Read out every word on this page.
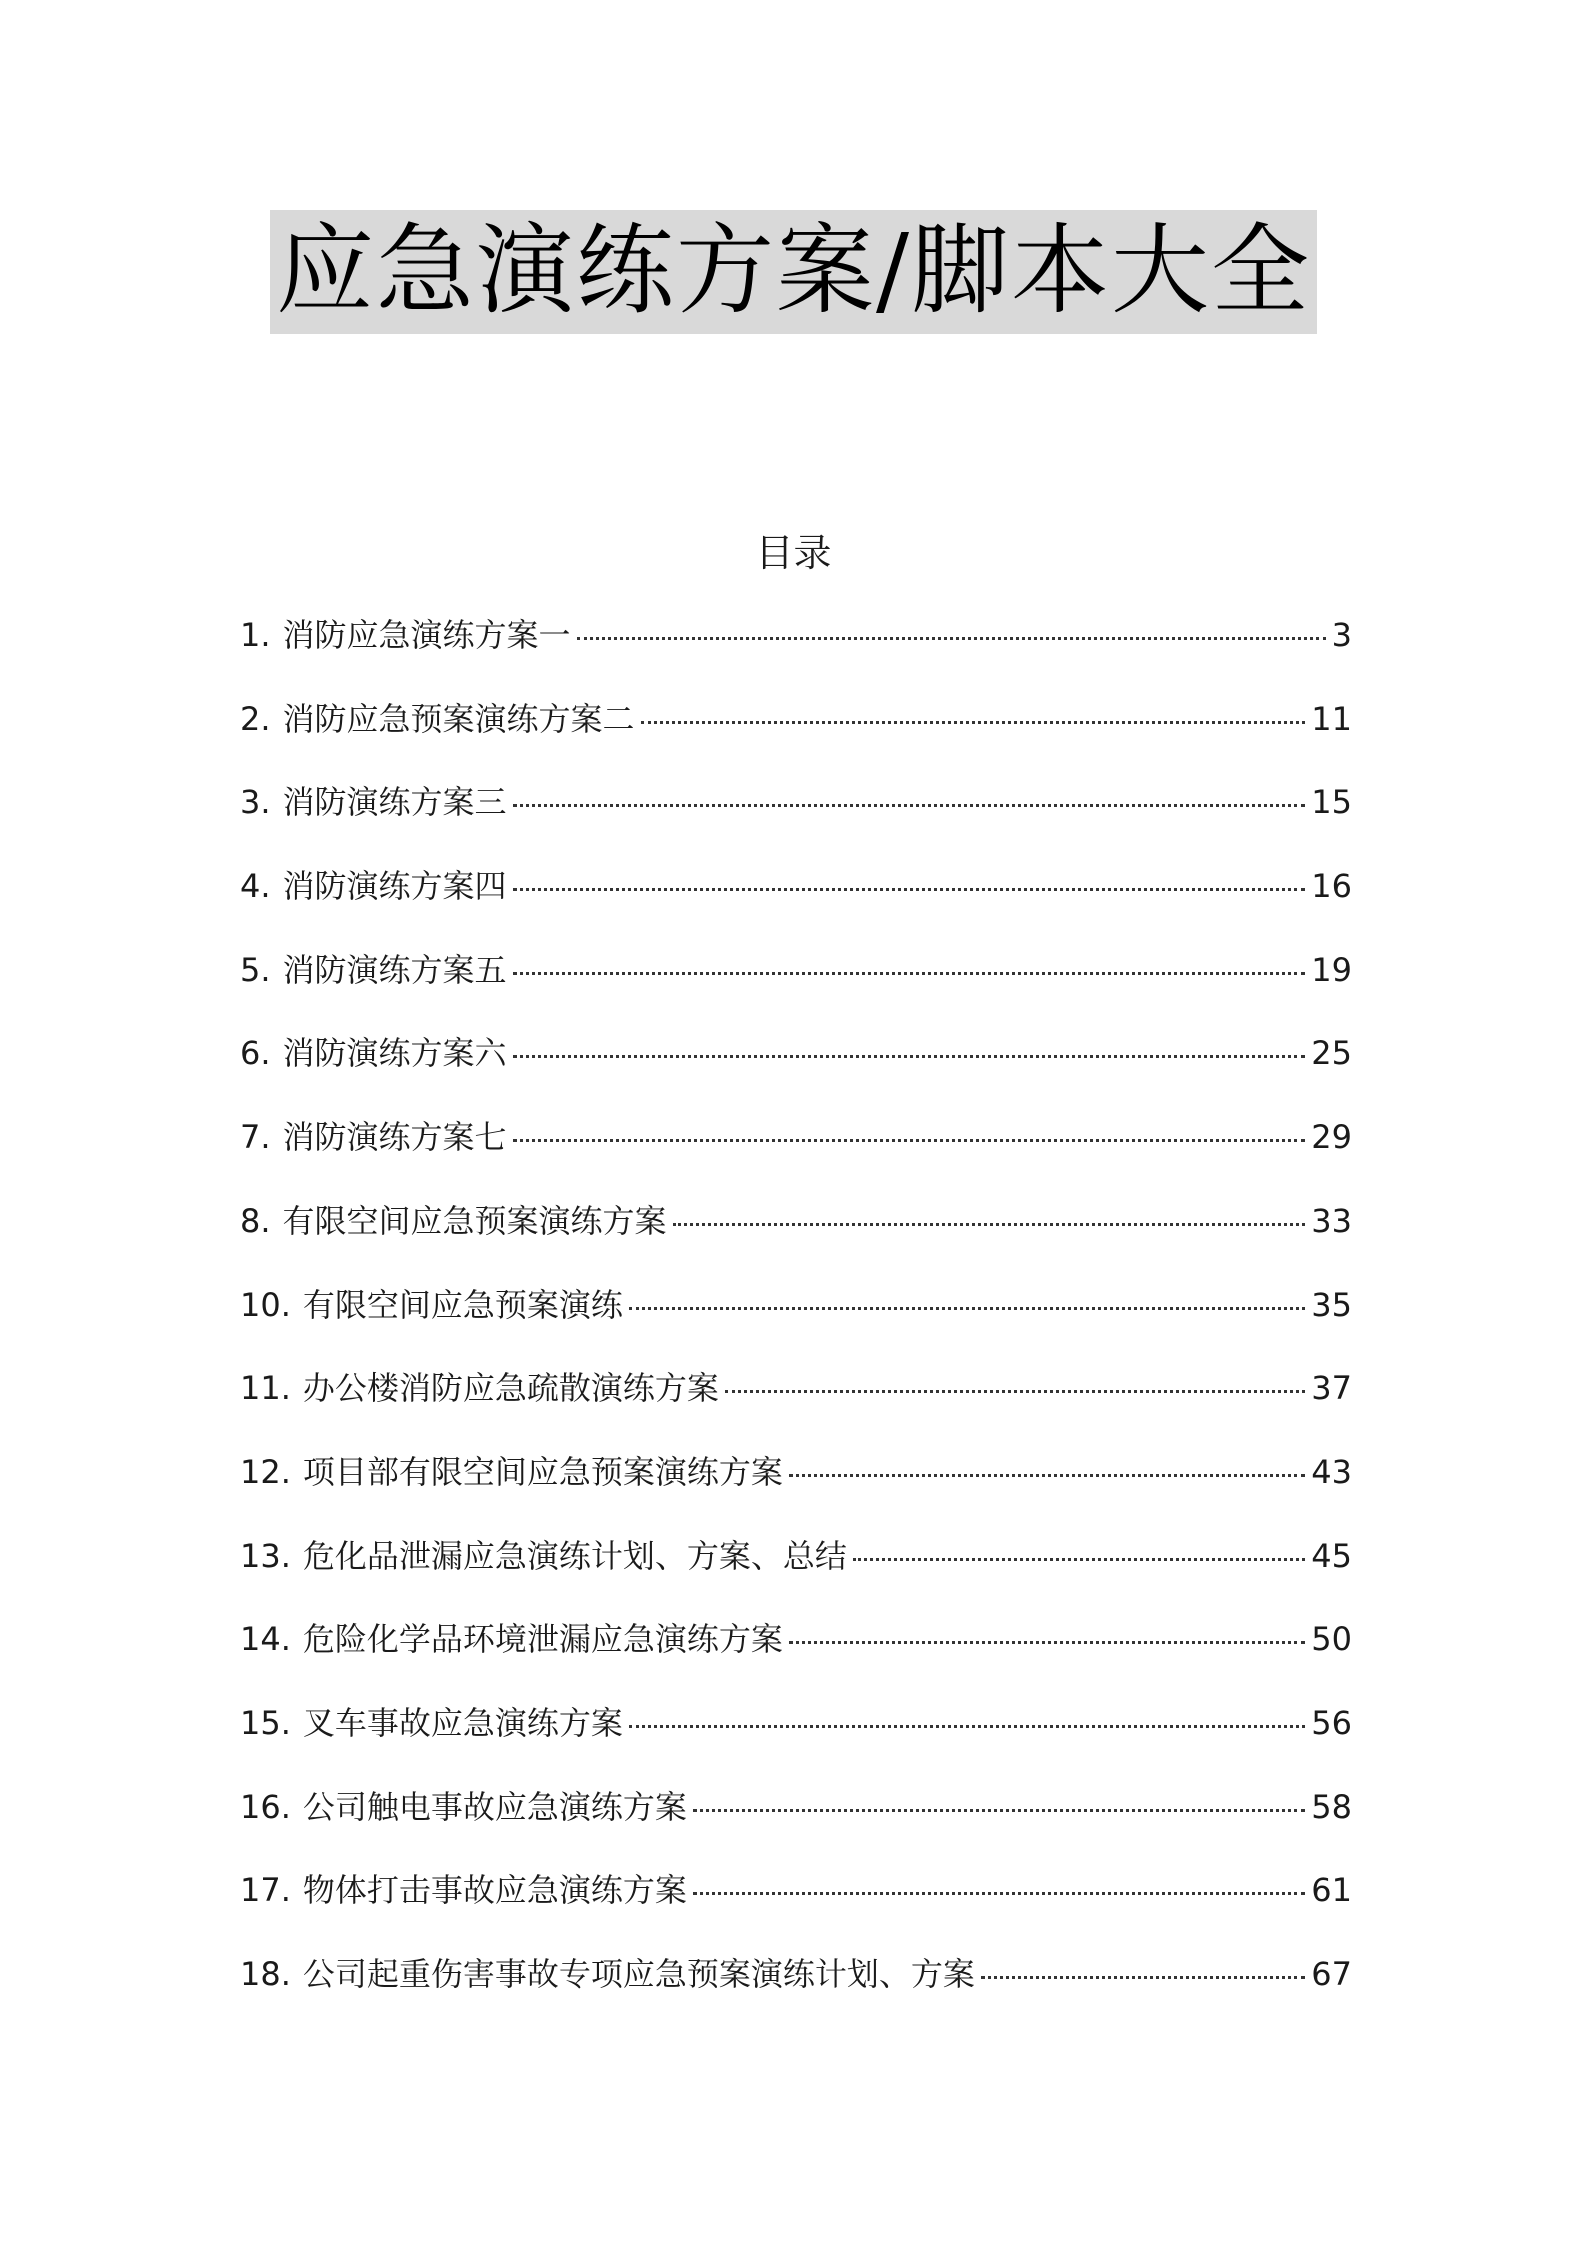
应急演练方案/脚本大全
目录
1. 消防应急演练方案一	3
2. 消防应急预案演练方案二	11
3. 消防演练方案三	15
4. 消防演练方案四	16
5. 消防演练方案五	19
6. 消防演练方案六	25
7. 消防演练方案七	29
8. 有限空间应急预案演练方案	33
10. 有限空间应急预案演练	35
11. 办公楼消防应急疏散演练方案	37
12. 项目部有限空间应急预案演练方案	43
13. 危化品泄漏应急演练计划、方案、总结	45
14. 危险化学品环境泄漏应急演练方案	50
15. 叉车事故应急演练方案	56
16. 公司触电事故应急演练方案	58
17. 物体打击事故应急演练方案	61
18. 公司起重伤害事故专项应急预案演练计划、方案	67
